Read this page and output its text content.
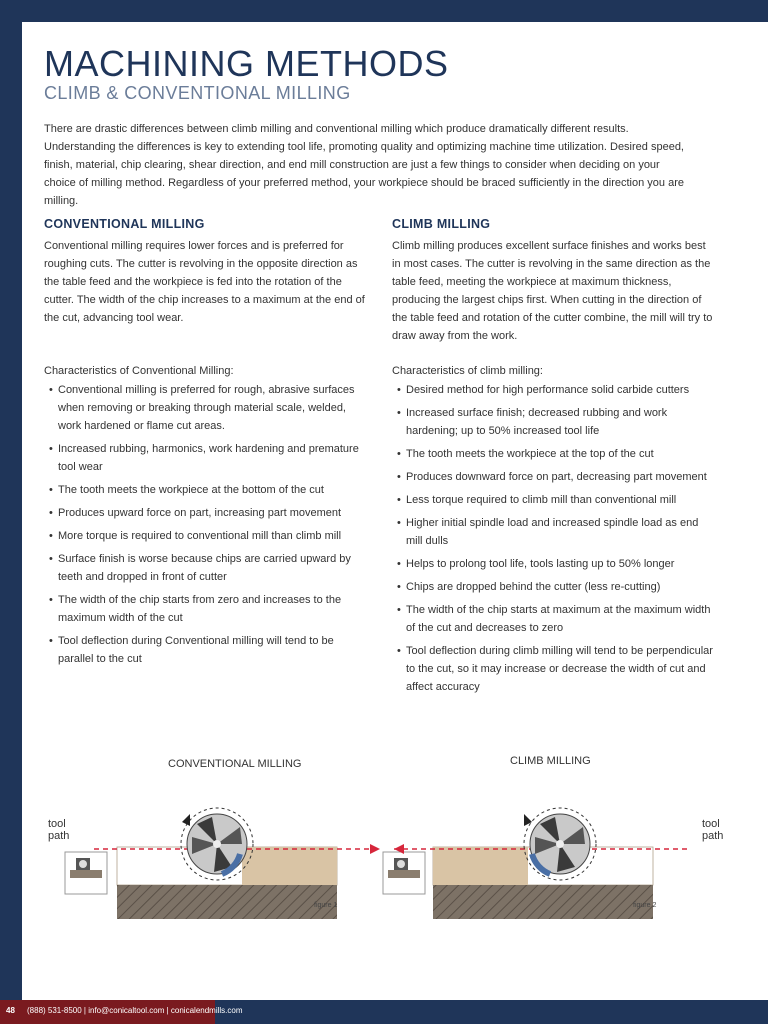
MACHINING METHODS
CLIMB & CONVENTIONAL MILLING

There are drastic differences between climb milling and conventional milling which produce dramatically different results. Understanding the differences is key to extending tool life, promoting quality and optimizing machine time utilization. Desired speed, finish, material, chip clearing, shear direction, and end mill construction are just a few things to consider when deciding on your choice of milling method. Regardless of your preferred method, your workpiece should be braced sufficiently in the direction you are milling.

CONVENTIONAL MILLING

Conventional milling requires lower forces and is preferred for roughing cuts. The cutter is revolving in the opposite direction as the table feed and the workpiece is fed into the rotation of the cutter. The width of the chip increases to a maximum at the end of the cut, advancing tool wear.

CLIMB MILLING

Climb milling produces excellent surface finishes and works best in most cases. The cutter is revolving in the same direction as the table feed, meeting the workpiece at maximum thickness, producing the largest chips first. When cutting in the direction of the table feed and rotation of the cutter combine, the mill will try to draw away from the work.

Characteristics of Conventional Milling:
• Conventional milling is preferred for rough, abrasive surfaces when removing or breaking through material scale, welded, work hardened or flame cut areas.
• Increased rubbing, harmonics, work hardening and premature tool wear
• The tooth meets the workpiece at the bottom of the cut
• Produces upward force on part, increasing part movement
• More torque is required to conventional mill than climb mill
• Surface finish is worse because chips are carried upward by teeth and dropped in front of cutter
• The width of the chip starts from zero and increases to the maximum width of the cut
• Tool deflection during Conventional milling will tend to be parallel to the cut
Characteristics of climb milling:
• Desired method for high performance solid carbide cutters
• Increased surface finish; decreased rubbing and work hardening; up to 50% increased tool life
• The tooth meets the workpiece at the top of the cut
• Produces downward force on part, decreasing part movement
• Less torque required to climb mill than conventional mill
• Higher initial spindle load and increased spindle load as end mill dulls
• Helps to prolong tool life, tools lasting up to 50% longer
• Chips are dropped behind the cutter (less re-cutting)
• The width of the chip starts at maximum at the maximum width of the cut and decreases to zero
• Tool deflection during climb milling will tend to be perpendicular to the cut, so it may increase or decrease the width of cut and affect accuracy
CONVENTIONAL MILLING
tool
path
figure 1
CLIMB MILLING
tool
path
figure 2
48 (888) 531-8500 | info@conicaltool.com | conicalendmills.com
